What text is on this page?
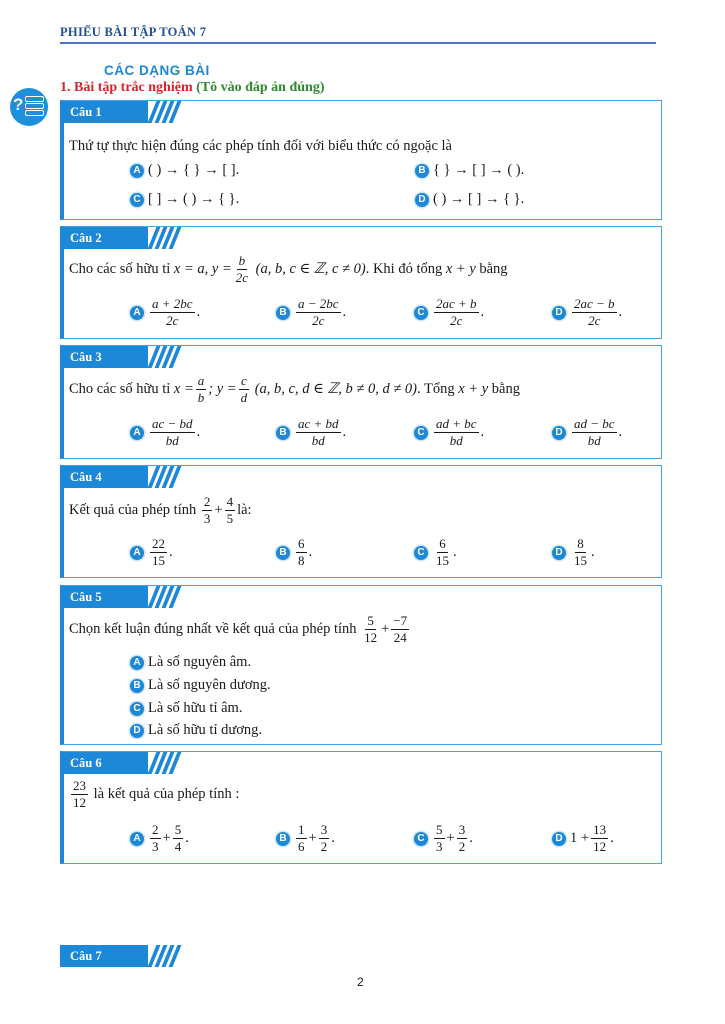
PHIẾU BÀI TẬP TOÁN 7
?
CÁC DẠNG BÀI
1. Bài tập trắc nghiệm (Tô vào đáp án đúng)
Câu 1
Thứ tự thực hiện đúng các phép tính đối với biểu thức có ngoặc là
A ( ) → { } → [ ].	B { } → [ ] → ( ).
C [ ] → ( ) → { }.	D ( ) → [ ] → { }.
Câu 2
Cho các số hữu tỉ
x = a, $y = \frac{b}{2c}$
(a, b, c ∈ ℤ, c ≠ 0) . Khi đó tổng
x + y
bằng
A $\frac{a + 2bc}{2c}$ .	B $\frac{a - 2bc}{2c}$ .	C $\frac{2ac + b}{2c}$ .	D $\frac{2ac - b}{2c}$ .
Câu 3
Cho các số hữu tỉ
$x = \frac{a}{b}$ ; $y = \frac{c}{d}$
(a, b, c, d ∈ ℤ, b ≠ 0, d ≠ 0) . Tổng
x + y
bằng
A $\frac{ac - bd}{bd}$ .	B $\frac{ac + bd}{bd}$ .	C $\frac{ad + bc}{bd}$ .	D $\frac{ad - bc}{bd}$ .
Câu 4
Kết quả của phép tính
$\frac{2}{3} + \frac{4}{5}$ là:
A $\frac{22}{15}$ .	B $\frac{6}{8}$ .	C $\frac{6}{15}$ .	D $\frac{8}{15}$ .
Câu 5
Chọn kết luận đúng nhất về kết quả của phép tính
$\frac{5}{12} + \frac{-7}{24}$
A Là số nguyên âm.
B Là số nguyên dương.
C Là số hữu tỉ âm.
D Là số hữu tỉ dương.
Câu 6
$\frac{23}{12}$
là kết quả của phép tính :
A $\frac{2}{3} + \frac{5}{4}$ .	B $\frac{1}{6} + \frac{3}{2}$ .	C $\frac{5}{3} + \frac{3}{2}$ .	D $1 + \frac{13}{12}$ .
Câu 7
2
